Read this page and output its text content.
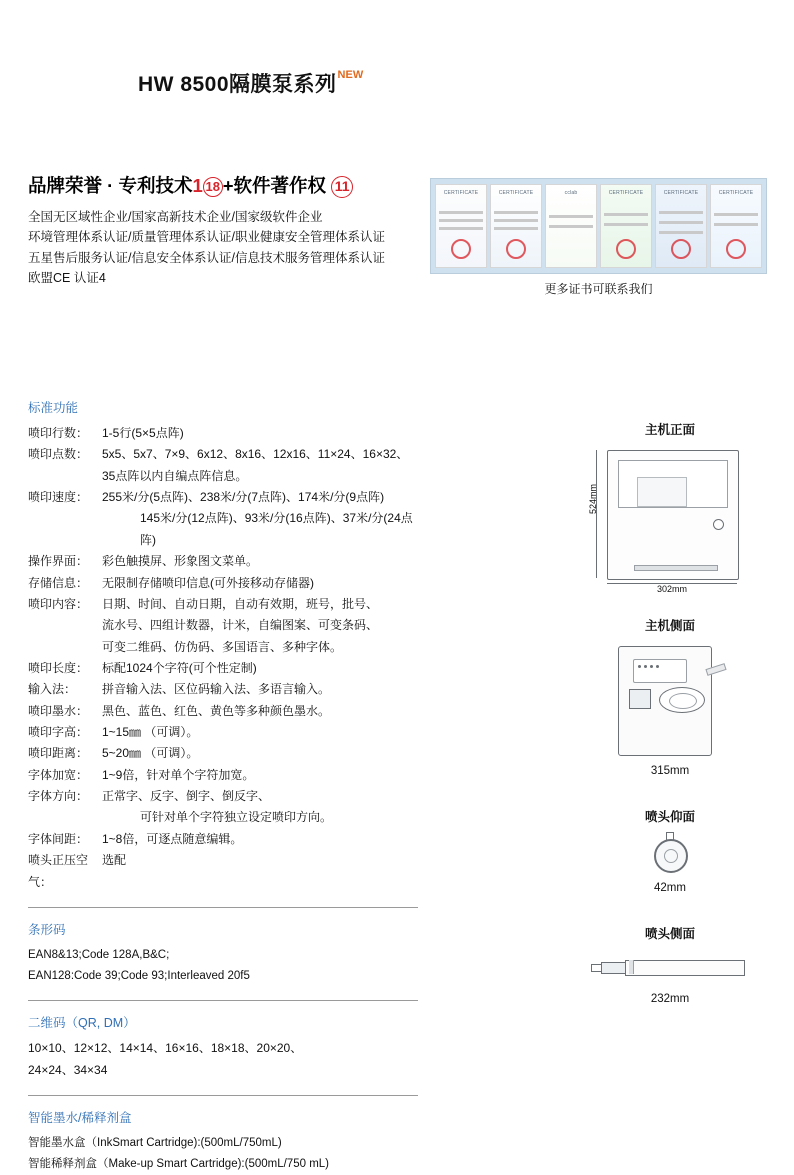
HW 8500隔膜泵系列 NEW
品牌荣誉 · 专利技术1 18 +软件著作权 11
全国无区域性企业/国家高新技术企业/国家级软件企业
环境管理体系认证/质量管理体系认证/职业健康安全管理体系认证
五星售后服务认证/信息安全体系认证/信息技术服务管理体系认证
欧盟CE 认证4
CERTIFICATE	CERTIFICATE	cclab	CERTIFICATE	CERTIFICATE	CERTIFICATE
更多证书可联系我们
标准功能
喷印行数：	1-5行(5×5点阵)
喷印点数：	5x5、5x7、7×9、6x12、8x16、12x16、11×24、16×32、
35点阵以内自编点阵信息。
喷印速度：	255米/分(5点阵)、238米/分(7点阵)、174米/分(9点阵)
145米/分(12点阵)、93米/分(16点阵)、37米/分(24点阵)
操作界面：	彩色触摸屏、形象图文菜单。
存储信息：	无限制存储喷印信息(可外接移动存储器)
喷印内容：	日期、时间、自动日期，自动有效期，班号，批号、
流水号、四组计数器，计米，自编图案、可变条码、
可变二维码、仿伪码、多国语言、多种字体。
喷印长度：	标配1024个字符(可个性定制)
输入法：	拼音输入法、区位码输入法、多语言输入。
喷印墨水：	黑色、蓝色、红色、黄色等多种颜色墨水。
喷印字高：	1~15㎜ （可调）。
喷印距离：	5~20㎜ （可调）。
字体加宽：	1~9倍，针对单个字符加宽。
字体方向：	正常字、反字、倒字、倒反字、
可针对单个字符独立设定喷印方向。
字体间距：	1~8倍，可逐点随意编辑。
喷头正压空气：
选配
条形码
EAN8&13;Code 128A,B&C;
EAN128:Code 39;Code 93;Interleaved 20f5
二维码（QR, DM）
10×10、12×12、14×14、16×16、18×18、20×20、
24×24、34×34
智能墨水/稀释剂盒
智能墨水盒（InkSmart Cartridge):(500mL/750mL)
智能稀释剂盒（Make-up Smart Cartridge):(500mL/750 mL)
主机正面
524mm
302mm
主机侧面
315mm
喷头仰面
42mm
喷头侧面
232mm
